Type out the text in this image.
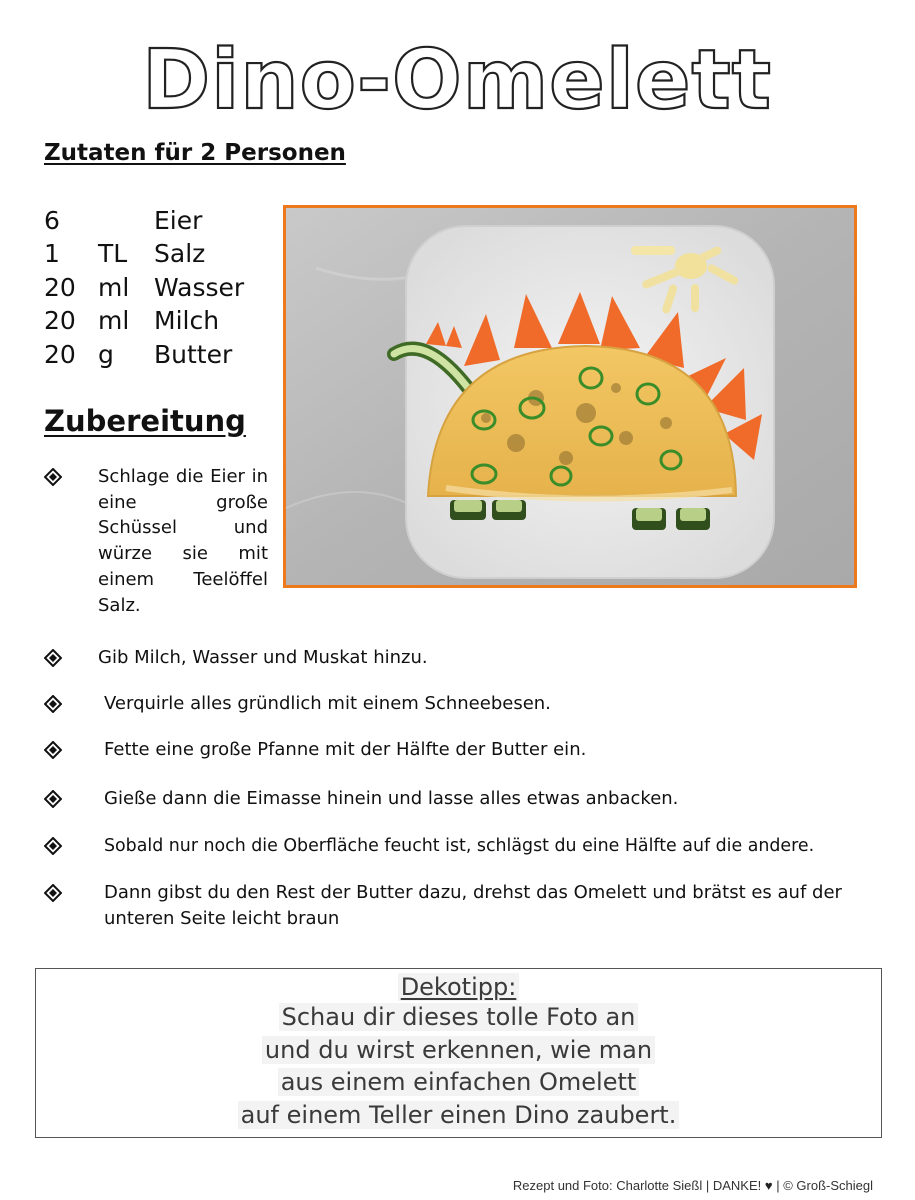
Dino-Omelett
Zutaten für 2 Personen
6	Eier
1	TL	Salz
20 ml Wasser
20 ml Milch
20 g	Butter
Zubereitung
Schlage die Eier in eine große Schüssel und würze sie mit einem Teelöffel Salz.
Gib Milch, Wasser und Muskat hinzu.
Verquirle alles gründlich mit einem Schneebesen.
Fette eine große Pfanne mit der Hälfte der Butter ein.
Gieße dann die Eimasse hinein und lasse alles etwas anbacken.
Sobald nur noch die Oberfläche feucht ist, schlägst du eine Hälfte auf die andere.
Dann gibst du den Rest der Butter dazu, drehst das Omelett und brätst es auf der unteren Seite leicht braun
Dekotipp:
Schau dir dieses tolle Foto an
und du wirst erkennen, wie man
aus einem einfachen Omelett
auf einem Teller einen Dino zaubert.
Rezept und Foto: Charlotte Sießl | DANKE! ♥ | © Groß-Schiegl
